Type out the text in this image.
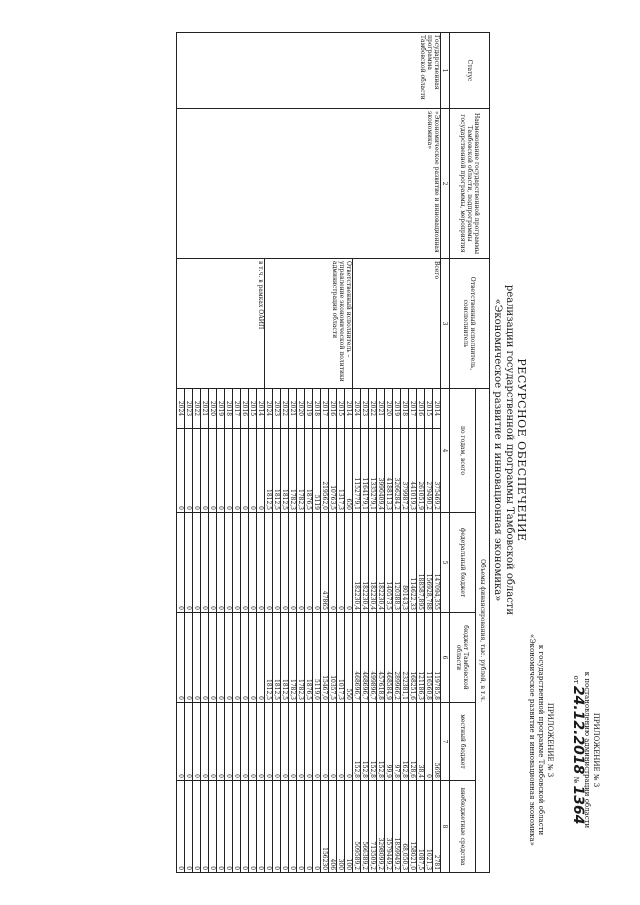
ПРИЛОЖЕНИЕ № 3
к постановлению администрации области
от 24.12.2018 № 1364
ПРИЛОЖЕНИЕ № 3
к государственной программе Тамбовской области
«Экономическое развитие и инновационная экономика»
РЕСУРСНОЕ ОБЕСПЕЧЕНИЕ
реализации государственной программы Тамбовской области
«Экономическое развитие и инновационная экономика»
Статус	Наименование государственной программы Тамбовской области, подпрограммы государственной программы, мероприятия	Ответственный исполнитель, соисполнитель	Объемы финансирования, тыс. рублей, в т.ч.					
			по годам, всего		федеральный бюджет	бюджет Тамбовской области	местный бюджет	внебюджетные средства
1	2	3	4		5	6	7	8
Государственная программа Тамбовской области	«Экономическое развитие и инновационная экономика»	Всего	2014	375469,2	147094,355	119785,8	5698	2781
			2015	279490,2	156928,788	116560,8	0	1021,3
			2016	261051,9	188587,895	121186,3	38,4	1087,5
			2017	441019,3	114622,33	168251,6	128,6	158021,0
			2018	379987,2	80143,3	232381,1	162,8	68,050,3
			2019	3266284,2	120388,3	289966,2	97,8	1859949,2
			2020	4188113,3	140573,5	468584,9	99,9	3579449,2
			2021	3990409,4	182230,4	457618,8	152,8	3298099,2
			2022	1335279,1	182230,4	499896,7	152,8	713509,2
			2023	1164179,1	182230,4	468696,7	152,8	566389,2
			2024	1152779,1	182230,4	468696,7	152,8	509589,2
		Ответственный исполнитель – управление экономической политики администрации области	2014	650	0	550	0	100
			2015	1317,3	0	1017,3	0	300
			2016	10763,5	0	10357,5	0	406
			2017	219562,0	47865	15467,0	0	156230
			2018	5119	0	5119,0	0	0
			2019	1876,5	0	1876,5	0	0
			2020	1782,3	0	1782,3	0	0
			2021	1782,3	0	1782,3	0	0
			2022	1812,5	0	1812,5	0	0
			2023	1812,5	0	1812,5	0	0
			2024	1812,5	0	1812,5	0	0
		в т.ч. в рамках ОАИП	2014	0	0	0	0	0
			2015	0	0	0	0	0
			2016	0	0	0	0	0
			2017	0	0	0	0	0
			2018	0	0	0	0	0
			2019	0	0	0	0	0
			2020	0	0	0	0	0
			2021	0	0	0	0	0
			2022	0	0	0	0	0
			2023	0	0	0	0	0
			2024	0	0	0	0	0
